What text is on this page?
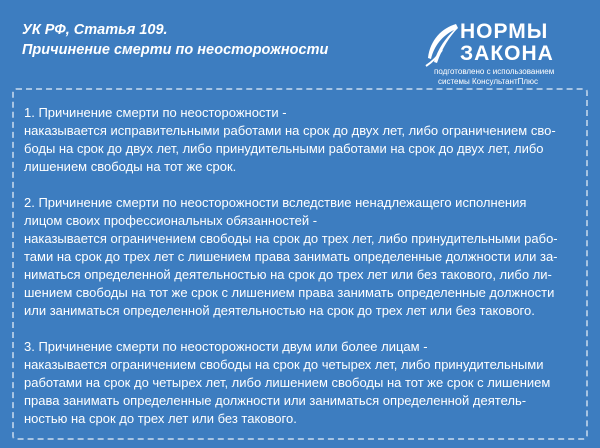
УК РФ, Статья 109.
Причинение смерти по неосторожности
НОРМЫ
ЗАКОНА
подготовлено с использованием
системы КонсультантПлюс
1. Причинение смерти по неосторожности -
наказывается исправительными работами на срок до двух лет, либо ограничением сво-
боды на срок до двух лет, либо принудительными работами на срок до двух лет, либо
лишением свободы на тот же срок.
2. Причинение смерти по неосторожности вследствие ненадлежащего исполнения
лицом своих профессиональных обязанностей -
наказывается ограничением свободы на срок до трех лет, либо принудительными рабо-
тами на срок до трех лет с лишением права занимать определенные должности или за-
ниматься определенной деятельностью на срок до трех лет или без такового, либо ли-
шением свободы на тот же срок с лишением права занимать определенные должности
или заниматься определенной деятельностью на срок до трех лет или без такового.
3. Причинение смерти по неосторожности двум или более лицам -
наказывается ограничением свободы на срок до четырех лет, либо принудительными
работами на срок до четырех лет, либо лишением свободы на тот же срок с лишением
права занимать определенные должности или заниматься определенной деятель-
ностью на срок до трех лет или без такового.
